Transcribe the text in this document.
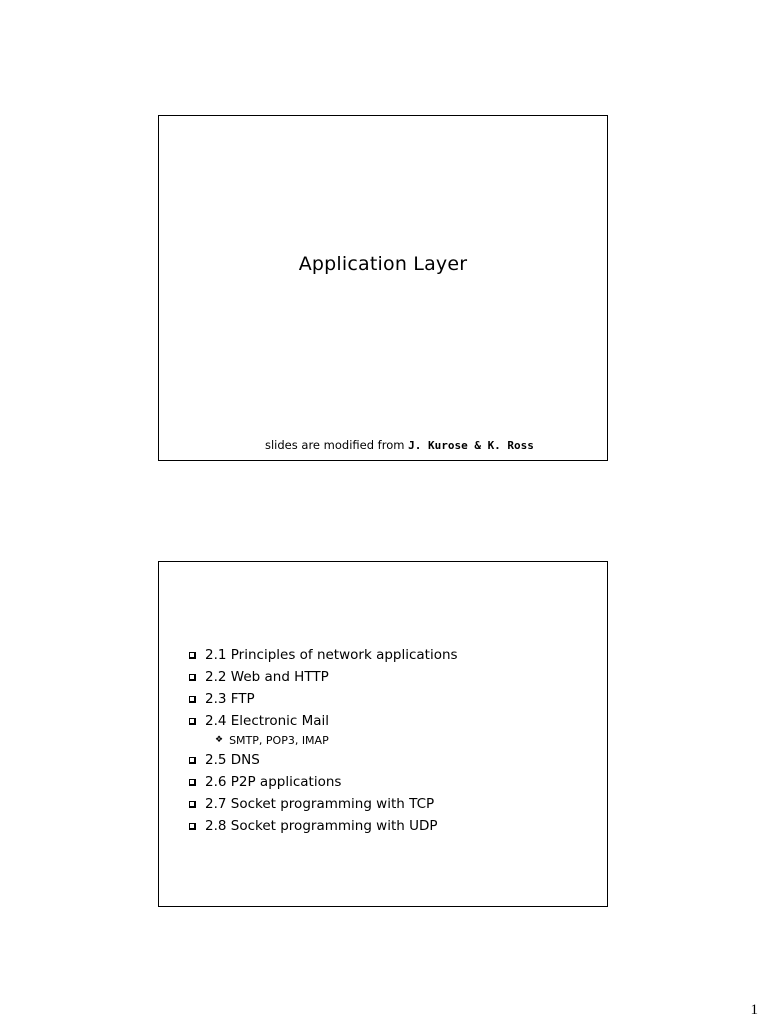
Application Layer
slides are modified from J. Kurose & K. Ross
2.1 Principles of network applications
2.2 Web and HTTP
2.3 FTP
2.4 Electronic Mail
❖ SMTP, POP3, IMAP
2.5 DNS
2.6 P2P applications
2.7 Socket programming with TCP
2.8 Socket programming with UDP
1
